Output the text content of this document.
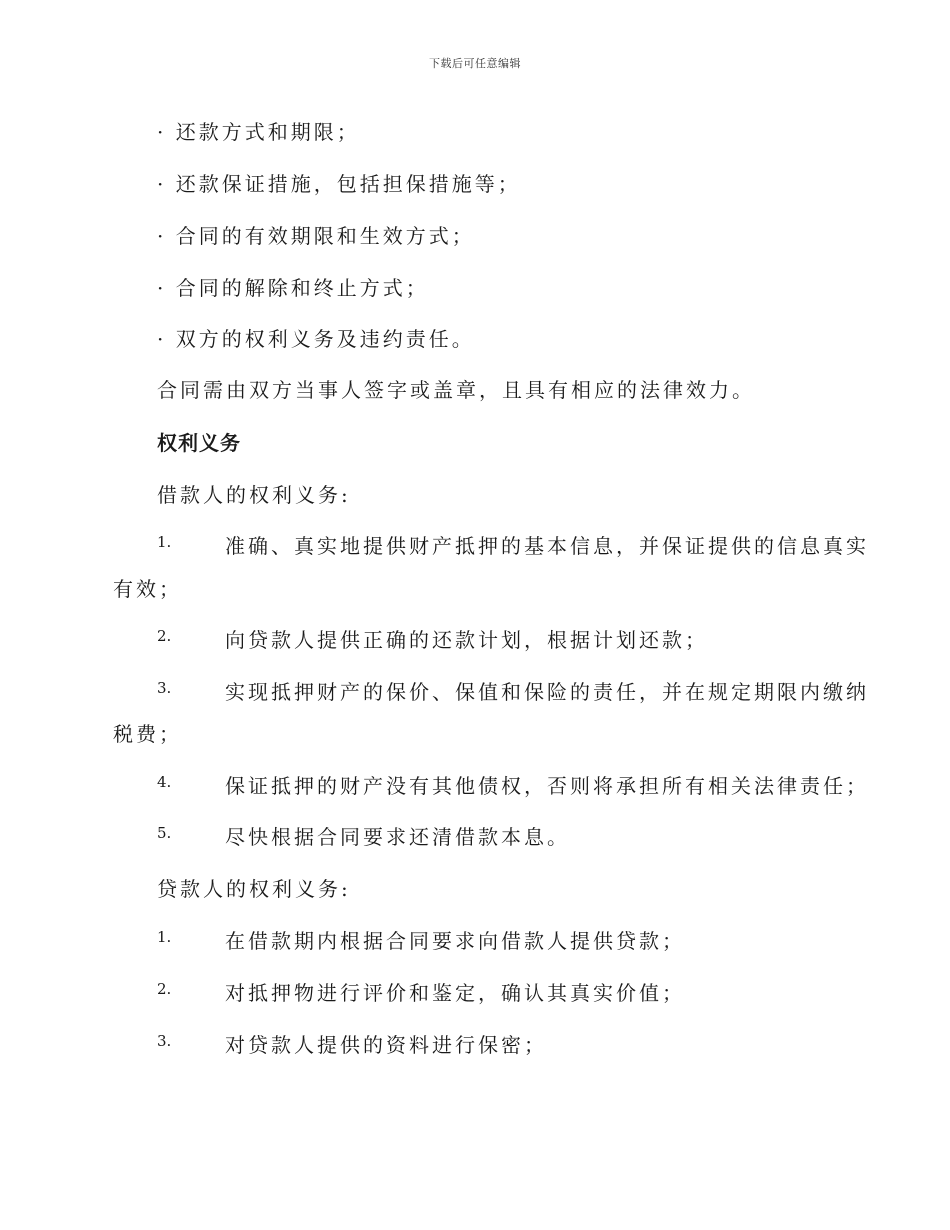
下载后可任意编辑
· 还款方式和期限；
· 还款保证措施，包括担保措施等；
· 合同的有效期限和生效方式；
· 合同的解除和终止方式；
· 双方的权利义务及违约责任。
合同需由双方当事人签字或盖章，且具有相应的法律效力。
权利义务
借款人的权利义务:
1.	准确、真实地提供财产抵押的基本信息，并保证提供的信息真实
有效；
2.	向贷款人提供正确的还款计划，根据计划还款；
3.	实现抵押财产的保价、保值和保险的责任，并在规定期限内缴纳
税费；
4.	保证抵押的财产没有其他债权，否则将承担所有相关法律责任；
5.	尽快根据合同要求还清借款本息。
贷款人的权利义务:
1.	在借款期内根据合同要求向借款人提供贷款；
2.	对抵押物进行评价和鉴定，确认其真实价值；
3.	对贷款人提供的资料进行保密；
